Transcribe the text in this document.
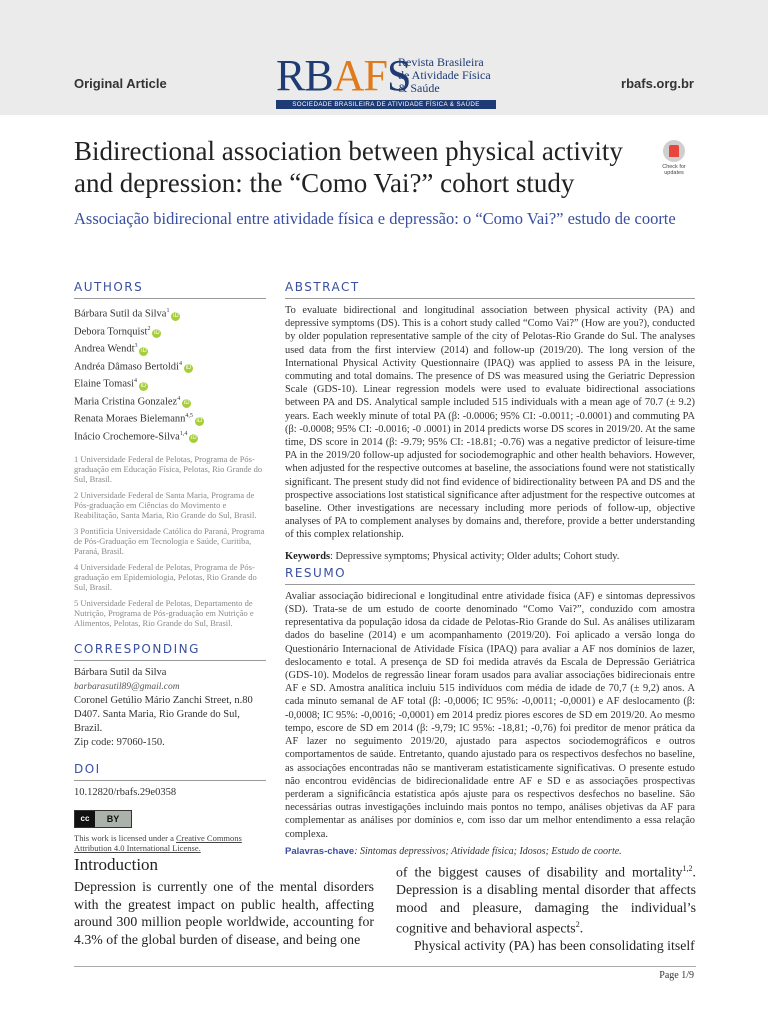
Original Article RBAFS
Revista Brasileira
de Atividade Física
& Saúde
SOCIEDADE BRASILEIRA DE ATIVIDADE FÍSICA & SAÚDE
rbafs.org.br
Bidirectional association between physical activity and depression: the “Como Vai?” cohort study
Check for updates
Associação bidirecional entre atividade física e depressão: o “Como Vai?” estudo de coorte
AUTHORS
Bárbara Sutil da Silva$^1$iD
Debora Tornquist$^2$iD
Andrea Wendt$^3$iD
Andréa Dâmaso Bertoldi$^4$iD
Elaine Tomasi$^4$iD
Maria Cristina Gonzalez$^4$iD
Renata Moraes Bielemann$^{4,5}$iD
Inácio Crochemore-Silva$^{1,4}$iD
1 Universidade Federal de Pelotas, Programa de Pós-graduação em Educação Física, Pelotas, Rio Grande do Sul, Brasil.
2 Universidade Federal de Santa Maria, Programa de Pós-graduação em Ciências do Movimento e Reabilitação, Santa Maria, Rio Grande do Sul, Brasil.
3 Pontifícia Universidade Católica do Paraná, Programa de Pós-Graduação em Tecnologia e Saúde, Curitiba, Paraná, Brasil.
4 Universidade Federal de Pelotas, Programa de Pós-graduação em Epidemiologia, Pelotas, Rio Grande do Sul, Brasil.
5 Universidade Federal de Pelotas, Departamento de Nutrição, Programa de Pós-graduação em Nutrição e Alimentos, Pelotas, Rio Grande do Sul, Brasil.
CORRESPONDING
Bárbara Sutil da Silva
barbarasutil89@gmail.com
Coronel Getúlio Mário Zanchi Street, n.80
D407. Santa Maria, Rio Grande do Sul,
Brazil.
Zip code: 97060-150.
DOI
10.12820/rbafs.29e0358
cc	BY
This work is licensed under a Creative Commons Attribution 4.0 International License.
ABSTRACT
To evaluate bidirectional and longitudinal association between physical activity (PA) and depressive symptoms (DS). This is a cohort study called “Como Vai?” (How are you?), conducted by older population representative sample of the city of Pelotas-Rio Grande do Sul. The analyses used data from the first interview (2014) and follow-up (2019/20). The long version of the International Physical Activity Questionnaire (IPAQ) was applied to assess PA in the leisure, commuting and total domains. The presence of DS was measured using the Geriatric Depression Scale (GDS-10). Linear regression models were used to evaluate bidirectional associations between PA and DS. Analytical sample included 515 individuals with a mean age of 70.7 (± 9.2) years. Each weekly minute of total PA (β: -0.0006; 95% CI: -0.0011; -0.0001) and commuting PA (β: -0.0008; 95% CI: -0.0016; -0 .0001) in 2014 predicts worse DS scores in 2019/20. At the same time, DS score in 2014 (β: -9.79; 95% CI: -18.81; -0.76) was a negative predictor of leisure-time PA in the 2019/20 follow-up adjusted for sociodemographic and other health behaviors. However, when adjusted for the respective outcomes at baseline, the associations found were not statistically significant. The present study did not find evidence of bidirectionality between PA and DS and the prospective associations lost statistical significance after adjustment for the respective outcomes at baseline. Other investigations are necessary including more periods of follow-up, objective analyses of PA to complement analyses by domains and, therefore, provide a better understanding of this complex relationship.
Keywords: Depressive symptoms; Physical activity; Older adults; Cohort study.
RESUMO
Avaliar associação bidirecional e longitudinal entre atividade física (AF) e sintomas depressivos (SD). Trata-se de um estudo de coorte denominado “Como Vai?”, conduzido com amostra representativa da população idosa da cidade de Pelotas-Rio Grande do Sul. As análises utilizaram dados do baseline (2014) e um acompanhamento (2019/20). Foi aplicado a versão longa do Questionário Internacional de Atividade Física (IPAQ) para avaliar a AF nos domínios de lazer, deslocamento e total. A presença de SD foi medida através da Escala de Depressão Geriátrica (GDS-10). Modelos de regressão linear foram usados para avaliar associações bidirecionais entre AF e SD. Amostra analítica incluiu 515 indivíduos com média de idade de 70,7 (± 9,2) anos. A cada minuto semanal de AF total (β: -0,0006; IC 95%: -0,0011; -0,0001) e AF deslocamento (β: -0,0008; IC 95%: -0,0016; -0,0001) em 2014 prediz piores escores de SD em 2019/20. Ao mesmo tempo, escore de SD em 2014 (β: -9,79; IC 95%: -18,81; -0,76) foi preditor de menor prática da AF lazer no seguimento 2019/20, ajustado para aspectos sociodemográficos e outros comportamentos de saúde. Entretanto, quando ajustado para os respectivos desfechos no baseline, as associações encontradas não se mantiveram estatisticamente significativas. O presente estudo não encontrou evidências de bidirecionalidade entre AF e SD e as associações prospectivas perderam a significância estatística após ajuste para os respectivos desfechos no baseline. São necessárias outras investigações incluindo mais pontos no tempo, análises objetivas da AF para complementar as análises por domínios e, com isso dar um melhor entendimento a essa relação complexa.
Palavras-chave: Sintomas depressivos; Atividade física; Idosos; Estudo de coorte.
Introduction
Depression is currently one of the mental disorders with the greatest impact on public health, affecting around 300 million people worldwide, accounting for 4.3% of the global burden of disease, and being one
of the biggest causes of disability and mortality$^{1,2}$. Depression is a disabling mental disorder that affects mood and pleasure, damaging the individual’s cognitive and behavioral aspects$^2$.
Physical activity (PA) has been consolidating itself
Page 1/9
